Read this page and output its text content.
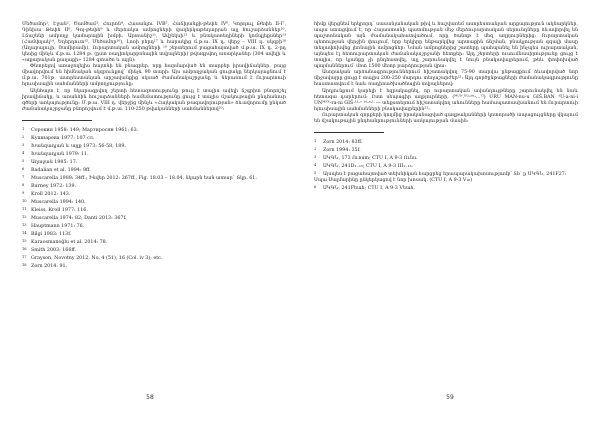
Մեծամոր¹, Էջան², Ծամծամ³, Հուրոն⁴, Հասանլու IVB⁵, Հաճիյանքի-թեփե IV⁶, Կորդուլ Թեփե II-I⁷, Դինխա Թեփե II⁸, Գոյ-թեփե⁹ և մերձակա ամրոցների վաղերկաթեդարյան այլ հուշարձաններ¹⁰, Լճաշենի ամբողջ կամարային խմբի, Արտանիշ¹¹, Ավշեկսի¹² և բնակատեղիների կոմպլեքսներ¹³ (Համփղակ¹⁴, Եղերդուտ¹⁵, Մեծամոր¹⁶), Լոռի բերդ¹⁷ և հարակից մ.թ.ա. IX դ. վերջ – VIII դ. սկզբի¹⁸ (Աղաբալույի, Շամիրամի), Ուրարտական ամրոցների ¹⁹ շերտերում բացահայտված մ.թ.ա. IX դ. 2-րդ կեսից մինչև մ.թ.ա. 1284 թ. (ըստ ռադիոկարբոնային տվյալների) թվագրվող առարկաներ (304 ավելի և «աքարական քաղաքի» 1284 գտածո և այլն):

Փնտրելով առաջողելիս հայտնի են բնագրեր, որը հարմարված են տարբեր իրավիճակներ, բայց միավորվում են հիմնական սկզբունքով՝ մինչև 90 տարի։ Այս ամբողջական ցուցակը ներկայացնում է մ.թ.ա. 701թ. ասորեստանյան արշավանքից սկսած ժամանակաշրջանը և ներառում է Ուրարտուի հյուսիսային սահմանների ամբողջությունը։

Ակնհայտ է, որ նկարագրվող շերտի հետազոտությունը թույլ է տալիս ավելի ճշգրիտ բնորոշել իրավիճակը, և առանձին հուշարձանների համեմատությունը ցույց է տալիս մշակութային ընդհանուր գծերի առկայությունը։ Մ.թ.ա. VIII դ. վերջից մինչև «Հայկական թագավորության» ձևավորումը ընկած ժամանակաշրջանը բնորոշվում է մ.թ.ա. 110-250 թվականների սահմաններով²⁰։

1 Сорокин 1958: 149; Мартиросян 1961: 63.
2 Кушнарева 1977: 107 сл.
3 Խանզադյան և այլք 1973: 56-58, 189.
4 Խանզադյան 1979: 11.
5 Աղաջան 1985: 17.
6 Badalian et al. 1994: 9ff.
7 Muscarella 1989: 34ff.; Ինվեր 2012: 267ff., Fig. 18.03 – 18.04, նկարն եան ատար` Տկր. 61.
8 Burney 1972: 139.
9 Kroll 2012: 143.
10 Muscarella 1994: 140.
11 Kleiss, Kroll 1977: 116.
12 Muscarella 1974: 82; Danti 2013: 367f.
13 Hauptmann 1971: 76.
14 Bilgi 1983: 113f.
15 Karaosmanoğlu et al. 2014: 78.
16 Smith 2003: 166ff.
17 Grayson, Novotny 2012, No. 4 (51), 16 (Col. iv 3); etc.
18 Zorn 2014: 91.
58

հիմք վերցնեմ երկրորդ՝ սասանյանական թիվ և հաշվառեմ ասորեստանյան արքայություն ակնարկներ, ապա ստացվում է, որ Հայաստանի պատմության մեջ մերձուրարտական սերունդները ձևավորվել են պաշտոնական այն ժամանակահատվածում, որը ծանոթ է մեզ աղբյուրներից։ Ուրարտական պետության վերջին փուլում, երբ երկիրը ենթարկվեց արտաքին ճնշման, բնակչության զգալի մասը տեղափոխվեց լեռնային ամրոցներ։ Նման ամրոցներից շատերը պահպանել են ինչպես ուրարտական, այնպես էլ հետուրարտական ժամանակաշրջանի հետքեր։ Այդ շերտերի ուսումնասիրությունը ցույց է տալիս, որ կյանքը չի ընդհատվել, այլ շարունակվել է նույն բնակավայրերում, թեև փոփոխված պայմաններում՝ մոտ 1500 մետր բարձրության վրա։

Ասորական արձանագրություններում հիշատակվող 75-90 տարվա ընթացքում ձևավորված նոր միջավայրը ցույց է տալիս 200-250 մարդու տեղաշարժեր²¹։ Այդ գործընթացների ժամանակագրությունը հաստատվում է նաև ռադիոածխածնային տվյալներով։

Արդյունքում կարելի է եզրակացնել, որ ուրարտական ավանդույթները շարունակվել են նաև հետագա դարերում։ Ըստ սեպագիր աղբյուրների, (ᴹᵁᴺ.ᴷᵁ-ᵈᵘ-...ᵀᴵ) URU MAN-nu-u GIŠ.BAN ᵈU-a-ni-i UNᴹᴱᴱ-ra-ni GIŠ-ᴸᴵ-ᵒ ¹ᵈ-ᵃ-ᴸ — տեքստերում հիշատակվող անունները համապատասխանում են Ուրարտուի հյուսիսային սահմանների բնակավայրերին²²։

Ուրարտական զորքերի կողմից իրականացված գաղթականների կոտորածի ապացույցները վկայում են մշակութային ընդհանրությունների առկայության մասին։

1 Zorn 2014: 83ff.
2 Zorn 1994: 35f.
3 ՍԿԳՆ, 173 Ուոստ; CTU I, A 9-3 Ունս.
4 ՍԿԳՆ, 241D₁₋₁₃; CTU I, A 9-3 III₁₋₁₃.
5 Այսպես է բացահայտված տեխնիկան հարցրեց հրապարակախոսությամբ՝ Sb՝ ը ՍԿԳՆ, 241F27: Սպա Սալմարինը ընկերկացով է նոր խոսակ. (CTU I, A 9-3 V₁₀)
6 ՍԿԳՆ, 241Fեահ; CTU I, A 9-3 Vեահ.
59
